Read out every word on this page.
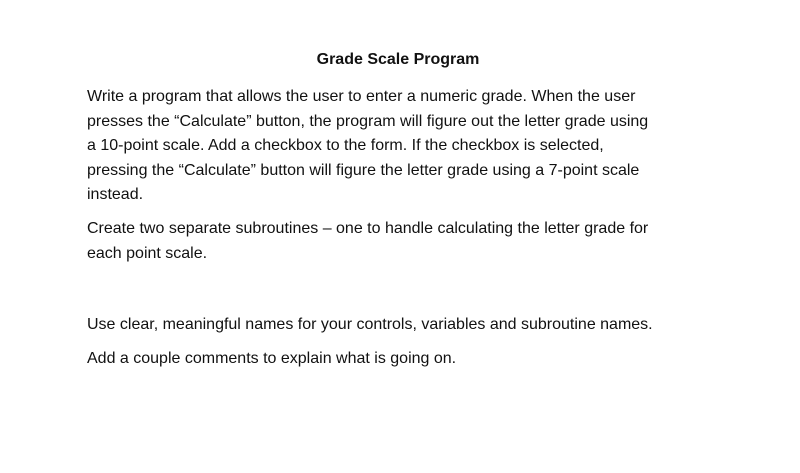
Grade Scale Program

Write a program that allows the user to enter a numeric grade. When the user
presses the “Calculate” button, the program will figure out the letter grade using
a 10-point scale. Add a checkbox to the form. If the checkbox is selected,
pressing the “Calculate” button will figure the letter grade using a 7-point scale
instead.

Create two separate subroutines – one to handle calculating the letter grade for
each point scale.

Use clear, meaningful names for your controls, variables and subroutine names.

Add a couple comments to explain what is going on.
